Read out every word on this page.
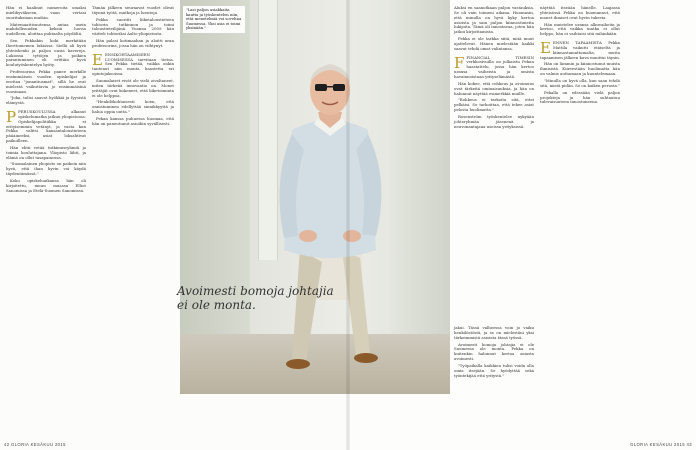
Hän ei haalinut numeroita omaksi mielihyväkseen, vaan vertasi suorituksiaan muihin.

Matemaattisuutensa antaa usein mahdollisuuden keksiä luovia uudelleen, aloittaa puhtaalta pöydältä.

Sen Pekkakin koki merkitään Iherttoniemen lukiossa. Siellä oli hyvä yhteishenki ja paljon uusia kavereja. Lukiossa tyttöjen ja poikien parantuminen oli erittäin hyvä koulutyöskentelyn hyöty.

Professorina Pekka panee merkille ensimmäisen vuoden opiskelijat ja erottaa "jonantiusmat", sillä he ovat mielestä vaikuttavia jo ensimmäisinä vuosinaan.

"Joka, tulisi saavat hyökkiä ja fyysistä elämystä.

PPERUSKOULUSSA alkanut opiskelumatka jatkuu yliopistossa. Opiskelijapolitiikka ei erityisemmin vetänyt, ja vasta kun Pekka valitsi kansantaloustieteen pääaineeksi, asiat loksahtivat paikoilleen.

Hän ehtii vetää tutkimusryhmiä ja toimia kouluttajana. Yliopisto lähti, ja elämä on ollut tasapainossa.

"Suomalainen yliopisto on paikoin niin hyvä, että ihan hyvin voi käydä täydentämässä."

Koko opiskeluaikansa hän oli kirjoitettu, muun muassa Elliot Sanomissa ja Etelä-Suomen Sanomissa.

Tämän jälkeen seuraavat vuodet olivat täynnä työtä, matkoja ja luentoja.

Pekka suoritti liiketaloustieteen tohtorin tutkinnon ja toimi taloustieteilijänä. Vuonna 2009 hän väitteli tohtoriksi Aalto-yliopistosta.

Hän palasi kotimaahan ja aloitti uran professorina, jossa hän on viihtynyt.

EENSIKOHTAAMISEEN LUOMISESSA tarvitaan tietoa. Sen Pekka tietää, vaikka onkin tuntenut niin monta haastetta eri opintojaksoissa.

Suomalaiset eivät ole vielä oivaltaneet, miten tärkeää innovaatio on. Monet yrittäjät ovat kokeneet, että liiketoiminta ei ole helppoa.

"Henkilökohtaisesti koen, että onnistuminen edellyttää sinnikkyyttä ja halua oppia uutta."

Pekan kanssa puhuessa huomaa, että hän on paneutunut asioihin syvällisesti.

42 GLORIA KESÄKUU 2015

Aluksi en saanutkaan paljon vastauksia. Se oli vain toimeni aikana. Huomasin, että minulla on hyvä kyky kertoa asioista ja sain paljon kiinnostuneita lukijoita. Tämä oli innostavaa, joten hän jatkoi kirjoittamista.

Pekka ei ole tarkka siitä, mitä muut ajattelevat. Hänen mielestään kaikki saavat tehdä omat valintansa.

FFINANCIAL TIMESIN verkkosivuilla on julkaistu Pekan haastattelu, jossa hän kertoo uransa vaiheista ja omista havainnoistaan yrityselämästä.

Hän kokee, että rohkeus ja avoimuus ovat tärkeitä ominaisuuksia, ja hän on halunnut näyttää esimerkkiä muille.

"Rohkeus ei tarkoita sitä, ettei pelkäisi. Se tarkoittaa, että tekee asiat pelosta huolimatta."

Rosenström työskentelee nykyään johtoryhmän jäsenenä ja neuvonantajana useissa yrityksissä.

näyttää itseään hänelle. Laajassa yhteisössä Pekka on huomannut, että monet ihmiset ovat hyvin tukevia.

Hän muistelee uransa alkuvaiheita ja kertoo, että vaikka matka ei ollut helppo, hän ei vaihtaisi sitä mihinkään.

EENNEN TAPAAMISTA Pekka Mattila vaikutti etäiseltä ja kiinnostamattomalta, mutta tapaamisen jälkeen kuva muuttui täysin.

Hän on lämmin ja kiinnostunut muista ihmisistä. Kiireestään huolimatta hän on valmis auttamaan ja kuuntelemaan.

"Minulla on hyvä olla, kun saan tehdä sitä, mistä pidän. Se on kaiken perusta."

Pekalla on edessään vielä paljon projekteja ja hän suhtautuu tulevaisuuteen innostuneena.

jakui. Tässä valheessa voin jo vaiku henkilöstöstä, ja se on mielestäni yksi tärkeimmistä asioista tässä työssä.

Avoimesti homoja johtajia ei ole Suomessa ole monta. Pekka on kuitenkin halunnut kertoa asiasta avoimesti.

"Työpaikalla kaikkien tulisi voida olla omia itsejään. Se hyödyttää sekä työntekijää että yritystä."

GLORIA KESÄKUU 2015 43
"Lasi paljon asiakkaita kautta ja työskentelen niin, että menetelmiä voi soveltaa Suomessa. Yksi asia ei toimi yksinään."
Avoimesti bomoja johtajia ei ole monta.
